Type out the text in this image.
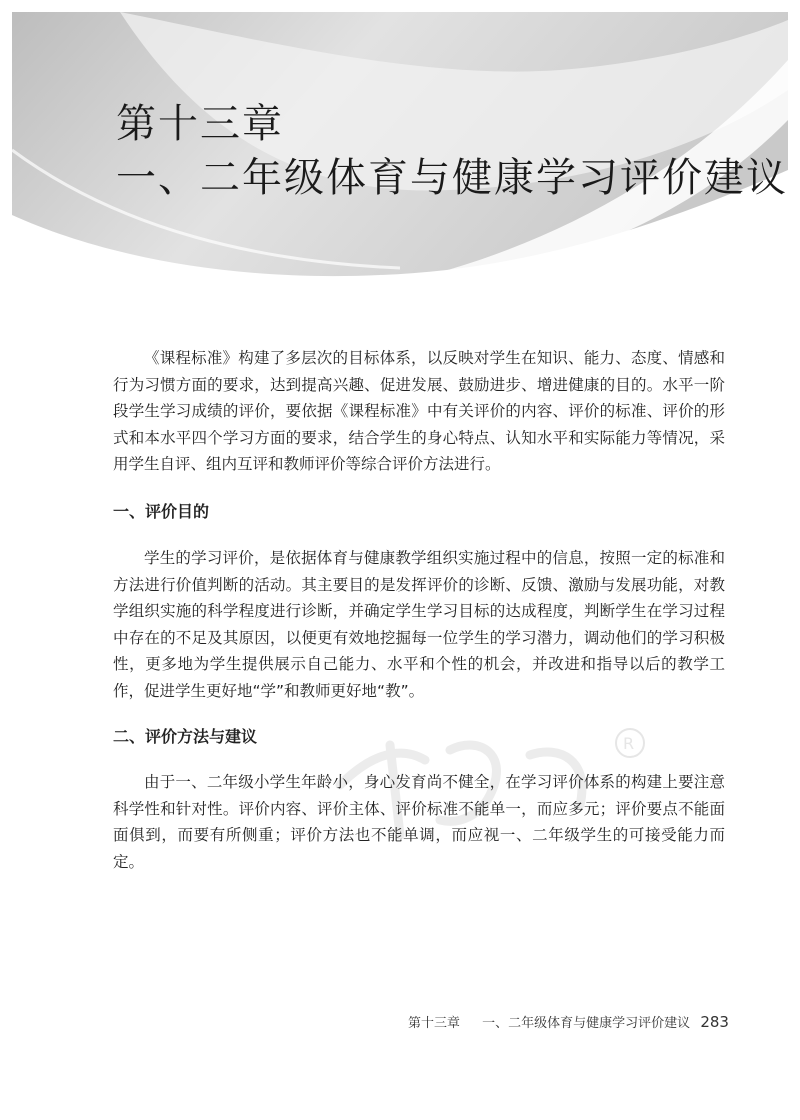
第十三章
一、二年级体育与健康学习评价建议

《课程标准》构建了多层次的目标体系，以反映对学生在知识、能力、态度、情感和行为习惯方面的要求，达到提高兴趣、促进发展、鼓励进步、增进健康的目的。水平一阶段学生学习成绩的评价，要依据《课程标准》中有关评价的内容、评价的标准、评价的形式和本水平四个学习方面的要求，结合学生的身心特点、认知水平和实际能力等情况，采用学生自评、组内互评和教师评价等综合评价方法进行。

一、评价目的

学生的学习评价，是依据体育与健康教学组织实施过程中的信息，按照一定的标准和方法进行价值判断的活动。其主要目的是发挥评价的诊断、反馈、激励与发展功能，对教学组织实施的科学程度进行诊断，并确定学生学习目标的达成程度，判断学生在学习过程中存在的不足及其原因，以便更有效地挖掘每一位学生的学习潜力，调动他们的学习积极性，更多地为学生提供展示自己能力、水平和个性的机会，并改进和指导以后的教学工作，促进学生更好地“学”和教师更好地“教”。

R
二、评价方法与建议

由于一、二年级小学生年龄小，身心发育尚不健全，在学习评价体系的构建上要注意科学性和针对性。评价内容、评价主体、评价标准不能单一，而应多元；评价要点不能面面俱到，而要有所侧重；评价方法也不能单调，而应视一、二年级学生的可接受能力而定。

第十三章 一、二年级体育与健康学习评价建议 283
